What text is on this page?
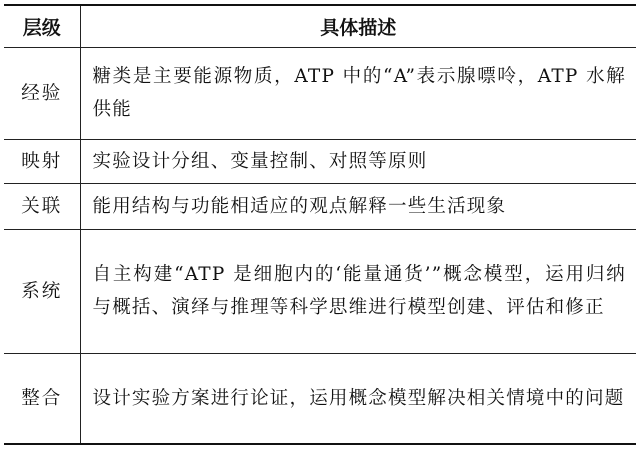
层级	具体描述
经验	糖类是主要能源物质，ATP 中的“A”表示腺嘌呤，ATP 水解供能
映射	实验设计分组、变量控制、对照等原则
关联	能用结构与功能相适应的观点解释一些生活现象
系统	自主构建“ATP 是细胞内的‘能量通货’”概念模型，运用归纳与概括、演绎与推理等科学思维进行模型创建、评估和修正
整合	设计实验方案进行论证，运用概念模型解决相关情境中的问题
